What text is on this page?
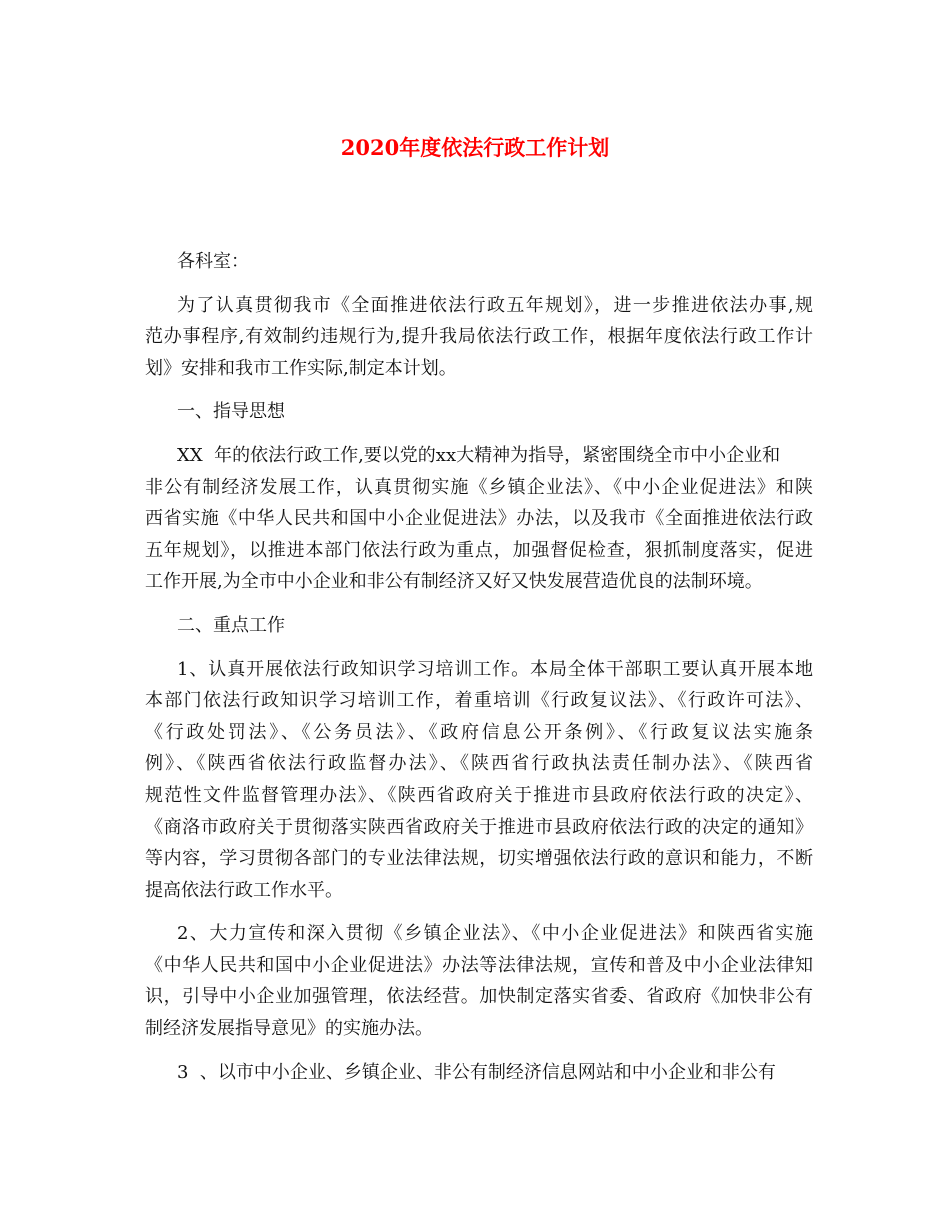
2020年度依法行政工作计划
各科室：
为了认真贯彻我市《全面推进依法行政五年规划》，进一步推进依法办事,规
范办事程序,有效制约违规行为,提升我局依法行政工作，根据年度依法行政工作计
划》安排和我市工作实际,制定本计划。
一、指导思想
XX  年的依法行政工作,要以党的xx大精神为指导，紧密围绕全市中小企业和
非公有制经济发展工作，认真贯彻实施《乡镇企业法》、《中小企业促进法》和陕
西省实施《中华人民共和国中小企业促进法》办法，以及我市《全面推进依法行政
五年规划》，以推进本部门依法行政为重点，加强督促检查，狠抓制度落实，促进
工作开展,为全市中小企业和非公有制经济又好又快发展营造优良的法制环境。
二、重点工作
1、认真开展依法行政知识学习培训工作。本局全体干部职工要认真开展本地
本部门依法行政知识学习培训工作，着重培训《行政复议法》、《行政许可法》、
《行政处罚法》、《公务员法》、《政府信息公开条例》、《行政复议法实施条
例》、《陕西省依法行政监督办法》、《陕西省行政执法责任制办法》、《陕西省
规范性文件监督管理办法》、《陕西省政府关于推进市县政府依法行政的决定》、
《商洛市政府关于贯彻落实陕西省政府关于推进市县政府依法行政的决定的通知》
等内容，学习贯彻各部门的专业法律法规，切实增强依法行政的意识和能力，不断
提高依法行政工作水平。
2、大力宣传和深入贯彻《乡镇企业法》、《中小企业促进法》和陕西省实施
《中华人民共和国中小企业促进法》办法等法律法规，宣传和普及中小企业法律知
识，引导中小企业加强管理，依法经营。加快制定落实省委、省政府《加快非公有
制经济发展指导意见》的实施办法。
3  、以市中小企业、乡镇企业、非公有制经济信息网站和中小企业和非公有
